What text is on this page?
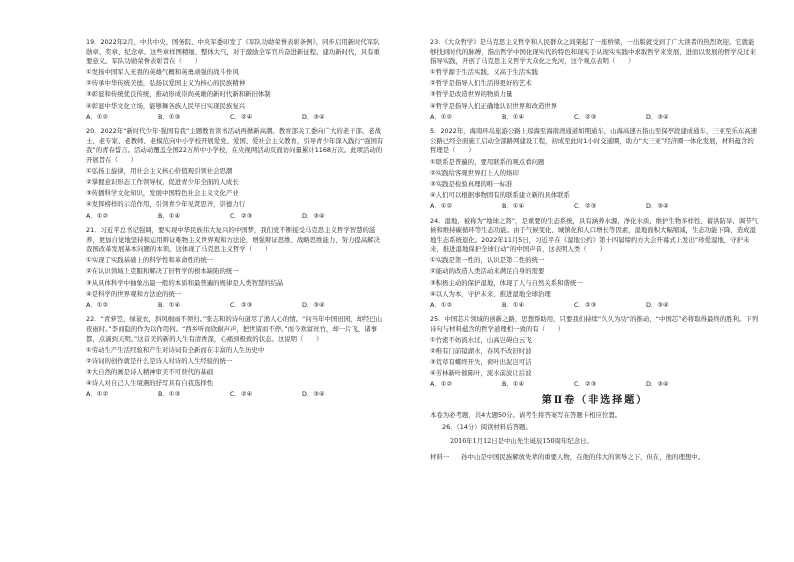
19．2022年2月，中共中央、国务院、中央军委印发了《军队功勋荣誉表彰条例》，同步启用新时代军队勋章、奖章、纪念章。这些章样图精细、整体大气，对于激励全军官兵奋进新征程、建功新时代，具有重要意义。军队功勋荣誉表彰旨在（　　）

①发扬中国军人无畏的英雄气概和英勇顽强的战斗作风

②传承中华传统美德，弘扬以爱国主义为核心的民族精神

③彰显和传统优良传统，推动形成崇尚英雄的新时代新和新旧体制

④彰显中华文化立场，能够舞各族人民早日实现民族复兴

A．①②	B．①③	C．②④	D．③④

20．2022年“新时代少年·强国有我”主题教育读书活动再掀新高潮。教育部关工委向广大的老干部、老战士、老专家、老教师、老模范向中小学校开展爱党、爱国、爱社会主义教育，引导青少年深入践行“强国有我”的青春誓言。活动动覆盖全国22万所中小学校，在央视网活动页面访问量累计1168万次。此项活动的开展旨在（　　）

①弘扬主旋律，用社会主义核心价值观引领社会思潮

②掌握意识形态工作领导权，促进青少年全面的人成长

③传播科学文化知识，发展中国特色社会主义文化产业

④发挥榜样的示范作用，引领青少年见贤思齐，崇德力行

A．①②	B．①④	C．②③	D．③④

21．习近平总书记强调，要实现中华民族伟大复兴的中国梦，我们党不断接受马克思主义哲学智慧的滋养，更加自觉地坚持和运用辩证唯物主义世界观和方法论，增强辩证思维、战略思维能力，努力提高解决我国改革发展基本问题的本领。这体现了马克思主义哲学（　　）

①实现了实践基础上的科学性和革命性的统一

②在认识领域上克服和解决了旧哲学的根本缺陷的统一

③从具体科学中抽象出最一般的本质和最普遍的规律是人类智慧的结晶

④是科学的世界观和方法论的统一

A．①②	B．①④	C．②③	D．③④

22．“青萝笠，绿蓑衣，斜风细雨不须归。”张志和的诗句道尽了渔人心的情。“问当年中国田园，却经巴山夜雨时。”李商隐的作为以作用何。“西乡听而欣耐声声，把世留而不停。”而今欢富丝竹，却一片飞，诸事都，点滴到天明。”这首美的新的人生有清香深，心痛到极致的状态。这说明（　　）

①劳动生产生活经验和产生对诗词有全新而在丰富的人生历史中

②诗词的创作就是什么是诗人对诗的人生经验的统一

③大自然的画是诗人精神审美不可替代的基础

④诗人对自己人生境遇的抒写具有自我选择性

A．①②	B．①③	C．②④	D．③④

23．《大众哲学》是马克思主义哲学和人民群众之间架起了一座桥梁，一出版就受到了广大读者的热烈欢迎。它就能够找到时代的脉搏，指出哲学中国化现实代的特色和现实于从现实实践中求取哲学来发展，进而以发展的哲学反过来指导实践，开创了马克思主义哲学大众化之先河，这个观点表明（　　）

①哲学源于生活实践，又高于生活实践

②哲学是指导人们生活得更好的艺术

③哲学是改造世界的物质力量

④哲学是指导人们正确地认识世界和改造世界

A．①②	B．①④	C．②③	D．③④

5．2022年，海南环岛旅游公路上琼海至海南湾通道如期通车，山海高速五指山至保亭段建成通车，三亚至乐东高速公路已经全面施工启动全部路网建设工程，初成至此时1小时交通圈，助力“大三亚”经济圈一体化发展，材料蕴含的哲理是（　　）

①联系是普遍的，要用联系的观点看问题

②实践给客观世界打上人的烙印

③实践是检验真理的唯一标准

④人们可以根据事物固有的联系建立新的具体联系

A．①②	B．①④	C．②③	D．③④

24．湿地，被称为“地球之肾”，是重要的生态系统，具有涵养水源、净化水质、维护生物多样性、蓄洪防旱、调节气候和维持碳循环等生态功能。由于气候变化、城镇化和人口增长等因素，湿地面积大幅缩减，生态功能下降，造成湿地生态系统退化。2022年11月5日，习近平在《湿地公约》第十四届缔约方大会开幕式上发出“珍爱湿地，守护未来，推进湿地保护全球行动”的中国声音，这表明人类（　　）

①实践是第一性的，认识是第二性的统一

②能动的改造人类活动来满足自身的需要

③积极主动的保护湿地，体现了人与自然关系和谐统一

④以人为本，守护未来，推进湿地全球治理

A．①②	B．①④	C．②③	D．③④

25．中国芯片领域的创新之路，思想帮助用，只要我们持续“久久为功”的推动，“中国芯”必将取得最终的胜利。下列诗句与材料蕴含的哲学道理相一致的有（　　）

①竹密不妨流水过，山高岂碍白云飞

②唯有门前镜湖水，春风不改旧时波

③荒草有蝶终开失，荷叶出泥岂可洁

④芳林新叶催陈叶，流水前波让后波

A．①②	B．①④	C．②③	D．③④
第Ⅱ卷（非选择题）

本卷为必考题，共4大题50分。请考生将答案写在答题卡相应位置。

26．（14分）阅读材料后答题。

2016年1月12日是中山先生诞辰150周年纪念日。

材料一 孙中山是中国民族解放先辈的重要人物，在他的伟大的领导之下，但在，他的理想中。
